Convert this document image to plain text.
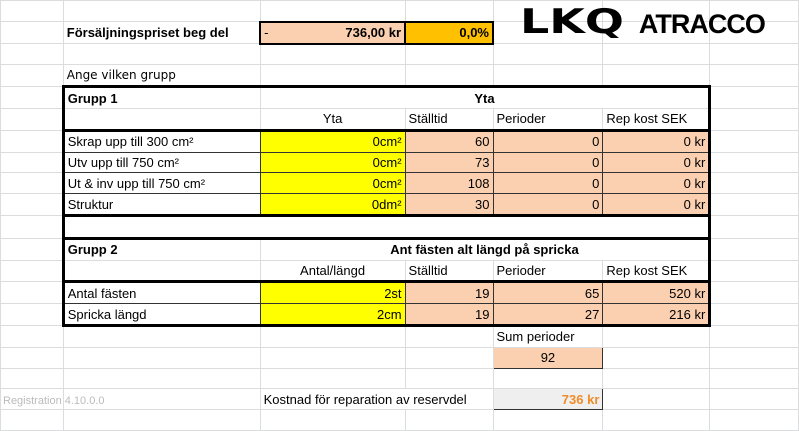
	Försäljningspriset beg del	- 736,00 kr	0,0%			

	Ange vilken grupp					
	Grupp 1	Yta				
		Yta	Ställtid	Perioder	Rep kost SEK	
	Skrap upp till 300 cm²	0cm²	60	0	0 kr	
	Utv upp till 750 cm²	0cm²	73	0	0 kr	
	Ut & inv upp till 750 cm²	0cm²	108	0	0 kr	
	Struktur	0dm²	30	0	0 kr	

	Grupp 2	Ant fästen alt längd på spricka				
		Antal/längd	Ställtid	Perioder	Rep kost SEK	
	Antal fästen	2st	19	65	520 kr	
	Spricka längd	2cm	19	27	216 kr	
				Sum perioder		
				92		

		Kostnad för reparation av reservdel		736 kr		

LKQ ATRACCO
Registration 4.10.0.0
